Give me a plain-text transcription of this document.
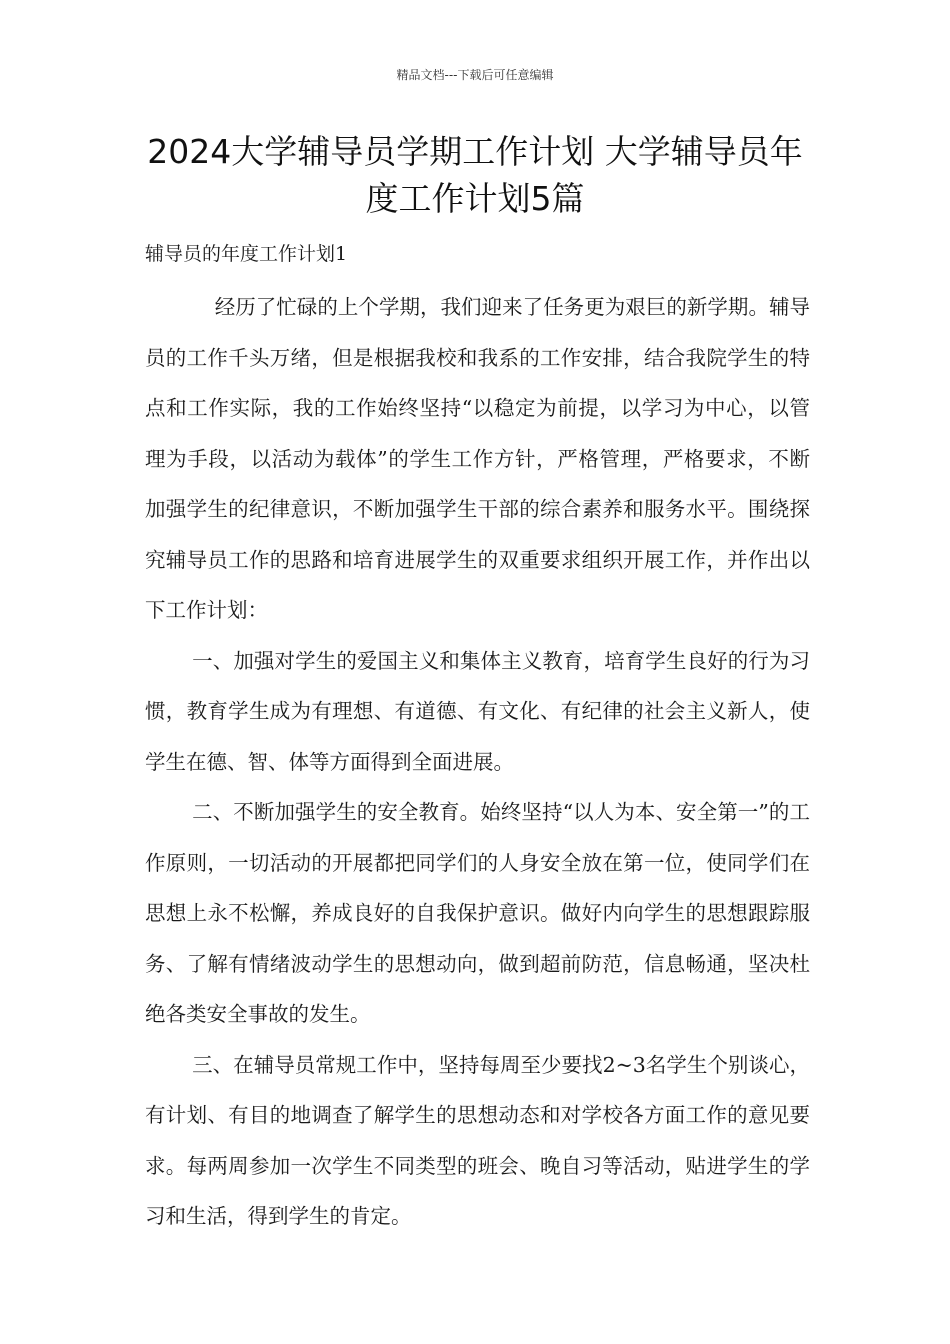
精品文档---下载后可任意编辑
2024大学辅导员学期工作计划 大学辅导员年度工作计划5篇
辅导员的年度工作计划1

经历了忙碌的上个学期，我们迎来了任务更为艰巨的新学期。辅导员的工作千头万绪，但是根据我校和我系的工作安排，结合我院学生的特点和工作实际，我的工作始终坚持“以稳定为前提，以学习为中心，以管理为手段，以活动为载体”的学生工作方针，严格管理，严格要求，不断加强学生的纪律意识，不断加强学生干部的综合素养和服务水平。围绕探究辅导员工作的思路和培育进展学生的双重要求组织开展工作，并作出以下工作计划：

一、加强对学生的爱国主义和集体主义教育，培育学生良好的行为习惯，教育学生成为有理想、有道德、有文化、有纪律的社会主义新人，使学生在德、智、体等方面得到全面进展。

二、不断加强学生的安全教育。始终坚持“以人为本、安全第一”的工作原则，一切活动的开展都把同学们的人身安全放在第一位，使同学们在思想上永不松懈，养成良好的自我保护意识。做好内向学生的思想跟踪服务、了解有情绪波动学生的思想动向，做到超前防范，信息畅通，坚决杜绝各类安全事故的发生。

三、在辅导员常规工作中，坚持每周至少要找2~3名学生个别谈心，有计划、有目的地调查了解学生的思想动态和对学校各方面工作的意见要求。每两周参加一次学生不同类型的班会、晚自习等活动，贴进学生的学习和生活，得到学生的肯定。
